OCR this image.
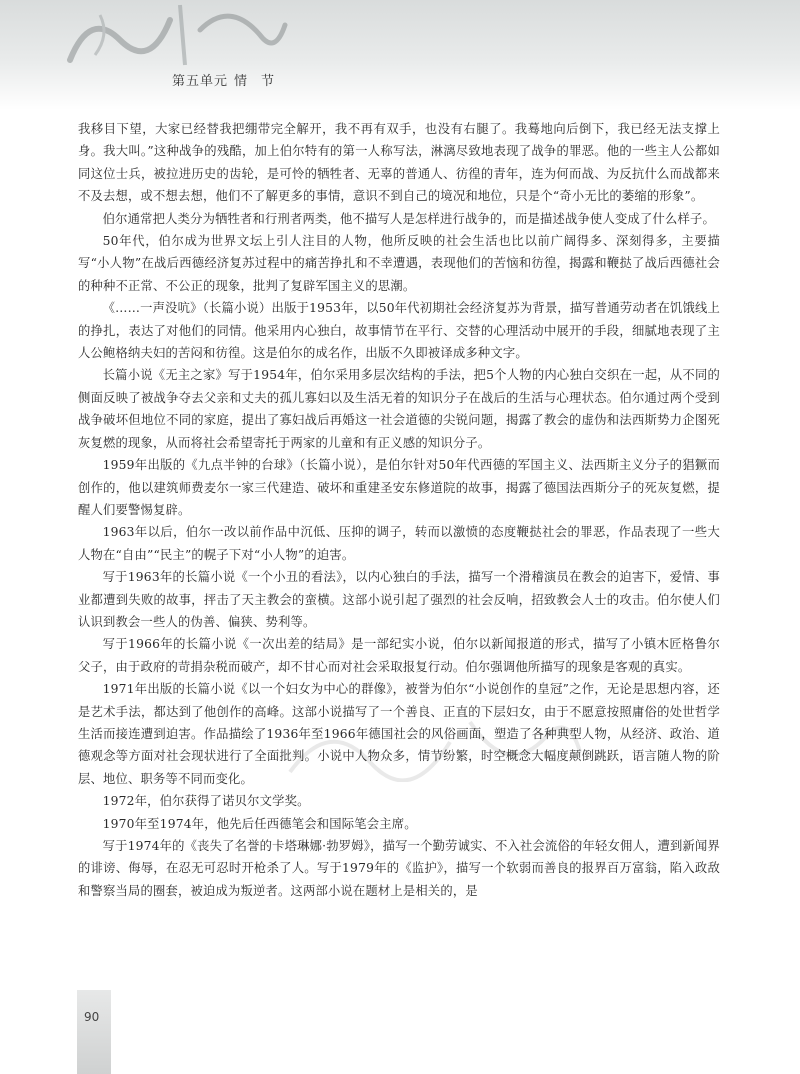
第五单元 情节

我移目下望，大家已经替我把绷带完全解开，我不再有双手，也没有右腿了。我蓦地向后倒下，我已经无法支撑上身。我大叫。”这种战争的残酷，加上伯尔特有的第一人称写法，淋漓尽致地表现了战争的罪恶。他的一些主人公都如同这位士兵，被拉进历史的齿轮，是可怜的牺牲者、无辜的普通人、彷徨的青年，连为何而战、为反抗什么而战都来不及去想，或不想去想，他们不了解更多的事情，意识不到自己的境况和地位，只是个“奇小无比的萎缩的形象”。

伯尔通常把人类分为牺牲者和行刑者两类，他不描写人是怎样进行战争的，而是描述战争使人变成了什么样子。

50年代，伯尔成为世界文坛上引人注目的人物，他所反映的社会生活也比以前广阔得多、深刻得多，主要描写“小人物”在战后西德经济复苏过程中的痛苦挣扎和不幸遭遇，表现他们的苦恼和彷徨，揭露和鞭挞了战后西德社会的种种不正常、不公正的现象，批判了复辟军国主义的思潮。

《……一声没吭》（长篇小说）出版于1953年，以50年代初期社会经济复苏为背景，描写普通劳动者在饥饿线上的挣扎，表达了对他们的同情。他采用内心独白，故事情节在平行、交替的心理活动中展开的手段，细腻地表现了主人公鲍格纳夫妇的苦闷和彷徨。这是伯尔的成名作，出版不久即被译成多种文字。

长篇小说《无主之家》写于1954年，伯尔采用多层次结构的手法，把5个人物的内心独白交织在一起，从不同的侧面反映了被战争夺去父亲和丈夫的孤儿寡妇以及生活无着的知识分子在战后的生活与心理状态。伯尔通过两个受到战争破坏但地位不同的家庭，提出了寡妇战后再婚这一社会道德的尖锐问题，揭露了教会的虚伪和法西斯势力企图死灰复燃的现象，从而将社会希望寄托于两家的儿童和有正义感的知识分子。

1959年出版的《九点半钟的台球》（长篇小说），是伯尔针对50年代西德的军国主义、法西斯主义分子的猖獗而创作的，他以建筑师费麦尔一家三代建造、破坏和重建圣安东修道院的故事，揭露了德国法西斯分子的死灰复燃，提醒人们要警惕复辟。

1963年以后，伯尔一改以前作品中沉低、压抑的调子，转而以激愤的态度鞭挞社会的罪恶，作品表现了一些大人物在“自由”“民主”的幌子下对“小人物”的迫害。

写于1963年的长篇小说《一个小丑的看法》，以内心独白的手法，描写一个滑稽演员在教会的迫害下，爱情、事业都遭到失败的故事，抨击了天主教会的蛮横。这部小说引起了强烈的社会反响，招致教会人士的攻击。伯尔使人们认识到教会一些人的伪善、偏狭、势利等。

写于1966年的长篇小说《一次出差的结局》是一部纪实小说，伯尔以新闻报道的形式，描写了小镇木匠格鲁尔父子，由于政府的苛捐杂税而破产，却不甘心而对社会采取报复行动。伯尔强调他所描写的现象是客观的真实。

1971年出版的长篇小说《以一个妇女为中心的群像》，被誉为伯尔“小说创作的皇冠”之作，无论是思想内容，还是艺术手法，都达到了他创作的高峰。这部小说描写了一个善良、正直的下层妇女，由于不愿意按照庸俗的处世哲学生活而接连遭到迫害。作品描绘了1936年至1966年德国社会的风俗画面，塑造了各种典型人物，从经济、政治、道德观念等方面对社会现状进行了全面批判。小说中人物众多，情节纷繁，时空概念大幅度颠倒跳跃，语言随人物的阶层、地位、职务等不同而变化。

1972年，伯尔获得了诺贝尔文学奖。

1970年至1974年，他先后任西德笔会和国际笔会主席。

写于1974年的《丧失了名誉的卡塔琳娜·勃罗姆》，描写一个勤劳诚实、不入社会流俗的年轻女佣人，遭到新闻界的诽谤、侮辱，在忍无可忍时开枪杀了人。写于1979年的《监护》，描写一个软弱而善良的报界百万富翁，陷入政敌和警察当局的圈套，被迫成为叛逆者。这两部小说在题材上是相关的，是

90
